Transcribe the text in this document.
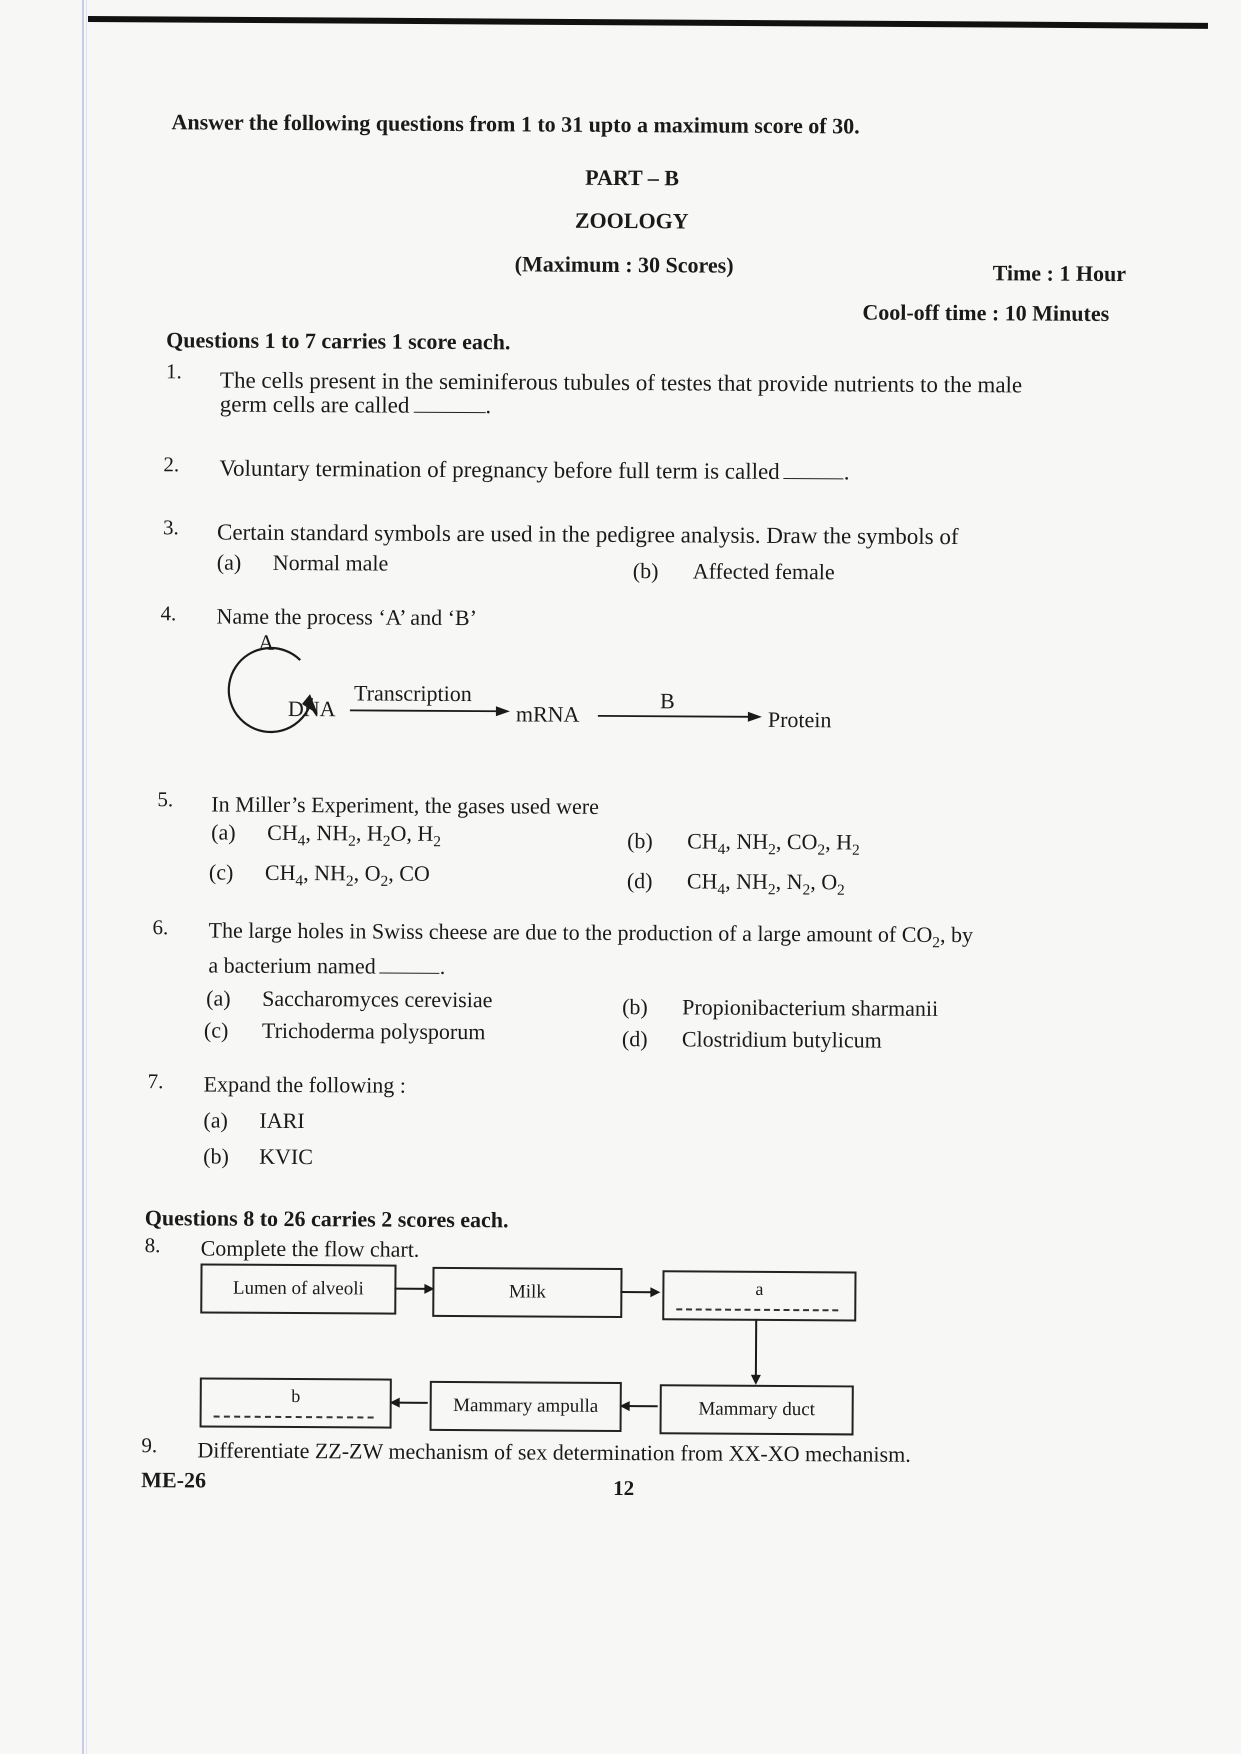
Answer the following questions from 1 to 31 upto a maximum score of 30.
PART – B
ZOOLOGY
(Maximum : 30 Scores)	Time : 1 Hour
Cool-off time : 10 Minutes
Questions 1 to 7 carries 1 score each.
1. The cells present in the seminiferous tubules of testes that provide nutrients to the male
germ cells are called	.
2. Voluntary termination of pregnancy before full term is called	.
3. Certain standard symbols are used in the pedigree analysis. Draw the symbols of
(a) Normal male	(b) Affected female
4. Name the process ‘A’ and ‘B’
A
DNA
Transcription
mRNA
B
Protein
5. In Miller’s Experiment, the gases used were
(a) $CH_4$, $NH_2$, $H_2O$, $H_2$	(b) $CH_4$, $NH_2$, $CO_2$, $H_2$
(c) $CH_4$, $NH_2$, $O_2$, CO	(d) $CH_4$, $NH_2$, $N_2$, $O_2$
6. The large holes in Swiss cheese are due to the production of a large amount of $CO_2$, by
a bacterium named	.
(a) Saccharomyces cerevisiae	(b) Propionibacterium sharmanii
(c) Trichoderma polysporum	(d) Clostridium butylicum
7. Expand the following :
(a) IARI
(b) KVIC
Questions 8 to 26 carries 2 scores each.
8. Complete the flow chart.
Lumen of alveoli	Milk	a
Mammary duct
Mammary ampulla
b
9. Differentiate ZZ-ZW mechanism of sex determination from XX-XO mechanism.
ME-26	12
